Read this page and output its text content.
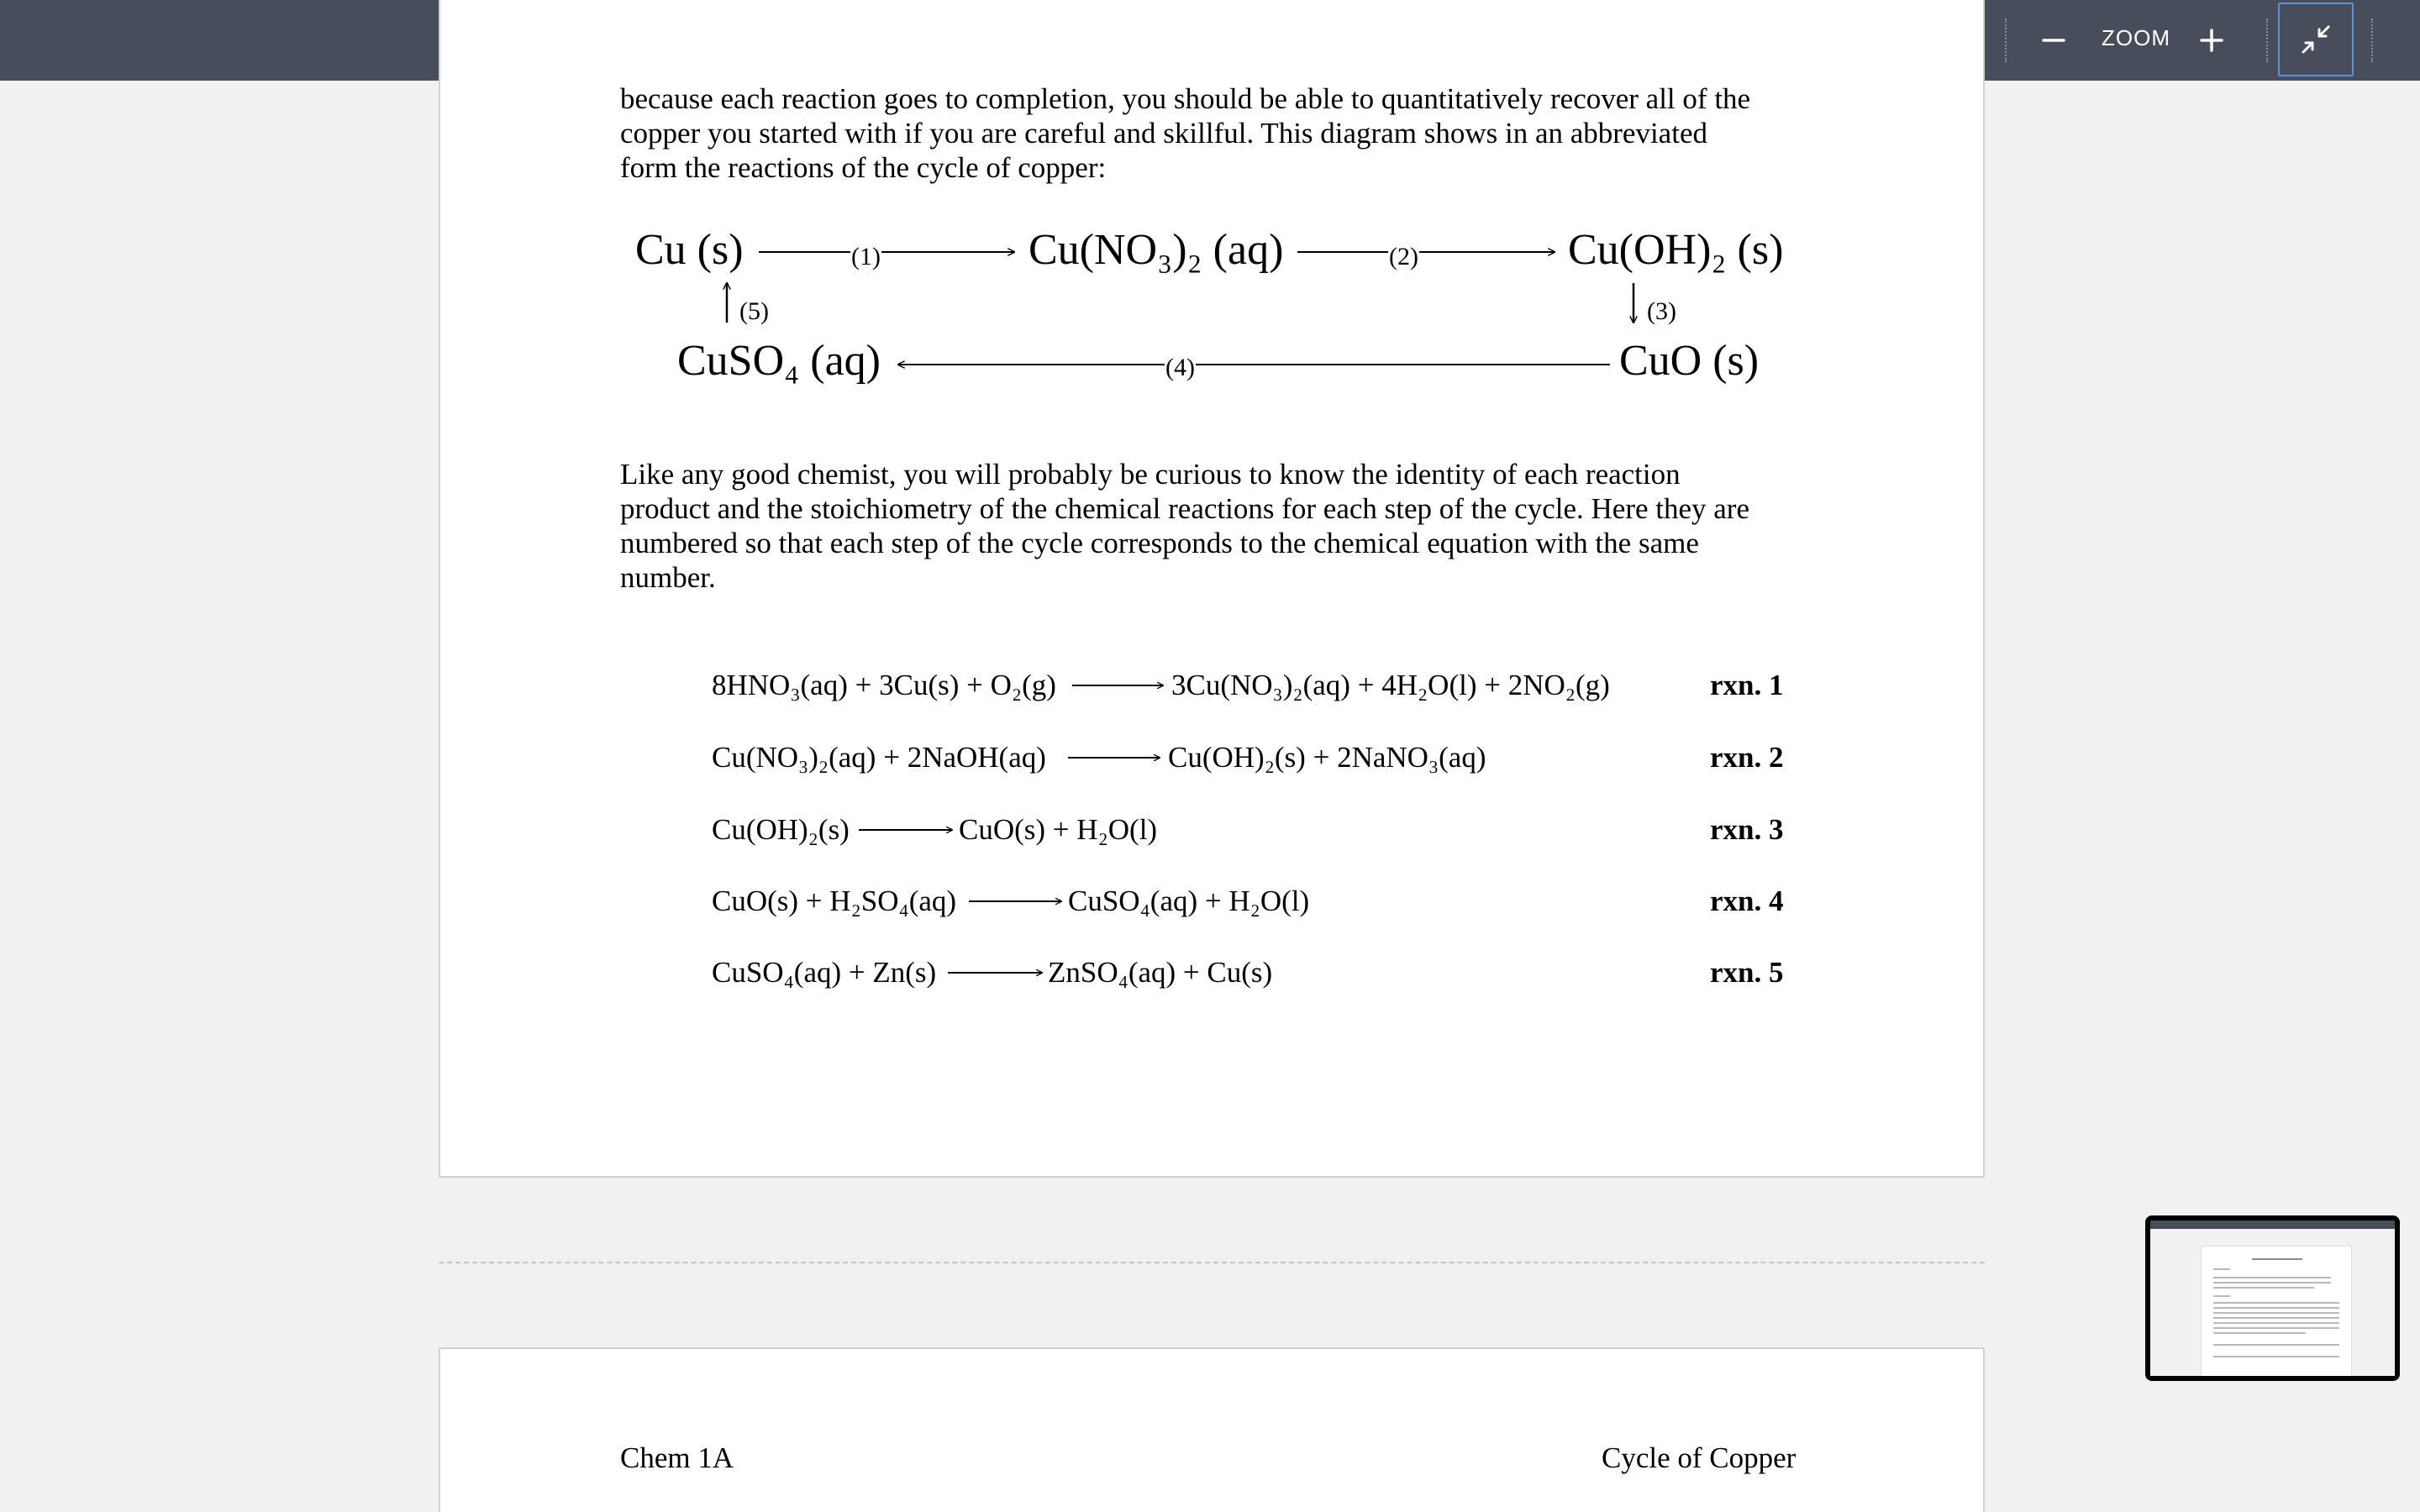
ZOOM

because each reaction goes to completion, you should be able to quantitatively recover all of the

copper you started with if you are careful and skillful. This diagram shows in an abbreviated

form the reactions of the cycle of copper:

Cu (s)	(1)	Cu(NO₃)₂ (aq)	(2)	Cu(OH)₂ (s)
(5)	(3)
CuSO₄ (aq)	(4)	CuO (s)

Like any good chemist, you will probably be curious to know the identity of each reaction

product and the stoichiometry of the chemical reactions for each step of the cycle. Here they are

numbered so that each step of the cycle corresponds to the chemical equation with the same

number.

8HNO₃(aq) + 3Cu(s) + O₂(g)	3Cu(NO₃)₂(aq) + 4H₂O(l) + 2NO₂(g)	rxn. 1
Cu(NO₃)₂(aq) + 2NaOH(aq)	Cu(OH)₂(s) + 2NaNO₃(aq)	rxn. 2
Cu(OH)₂(s)	CuO(s) + H₂O(l)	rxn. 3
CuO(s) + H₂SO₄(aq)	CuSO₄(aq) + H₂O(l)	rxn. 4
CuSO₄(aq) + Zn(s)	ZnSO₄(aq) + Cu(s)	rxn. 5
Chem 1A	Cycle of Copper
